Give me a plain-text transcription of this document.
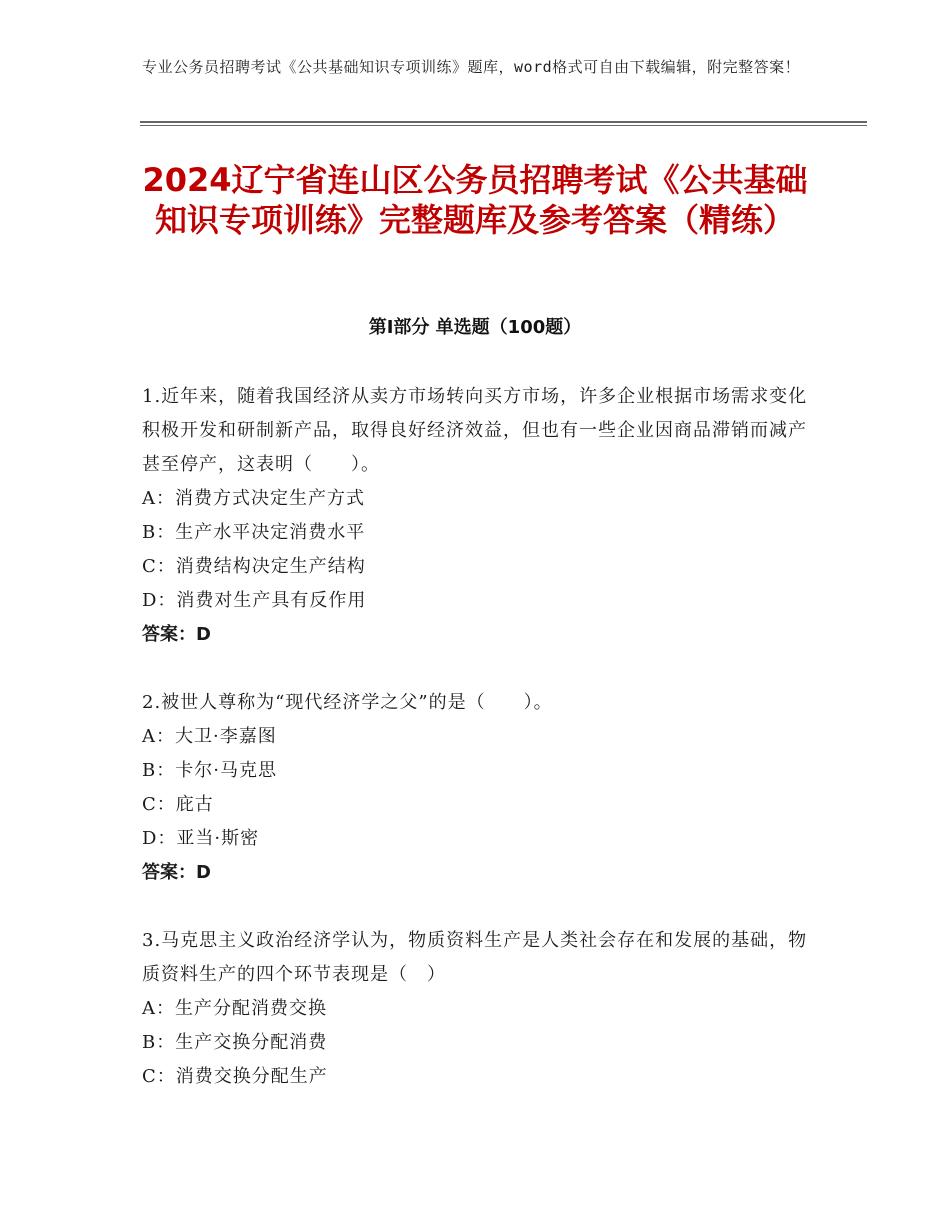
专业公务员招聘考试《公共基础知识专项训练》题库，word格式可自由下载编辑，附完整答案！
2024辽宁省连山区公务员招聘考试《公共基础知识专项训练》完整题库及参考答案（精练）
第Ⅰ部分 单选题（100题）
1.近年来，随着我国经济从卖方市场转向买方市场，许多企业根据市场需求变化积极开发和研制新产品，取得良好经济效益，但也有一些企业因商品滞销而减产甚至停产，这表明（　　）。
A：消费方式决定生产方式
B：生产水平决定消费水平
C：消费结构决定生产结构
D：消费对生产具有反作用
答案：D
2.被世人尊称为“现代经济学之父”的是（　　）。
A：大卫·李嘉图
B：卡尔·马克思
C：庇古
D：亚当·斯密
答案：D
3.马克思主义政治经济学认为，物质资料生产是人类社会存在和发展的基础，物质资料生产的四个环节表现是（　）
A：生产分配消费交换
B：生产交换分配消费
C：消费交换分配生产
